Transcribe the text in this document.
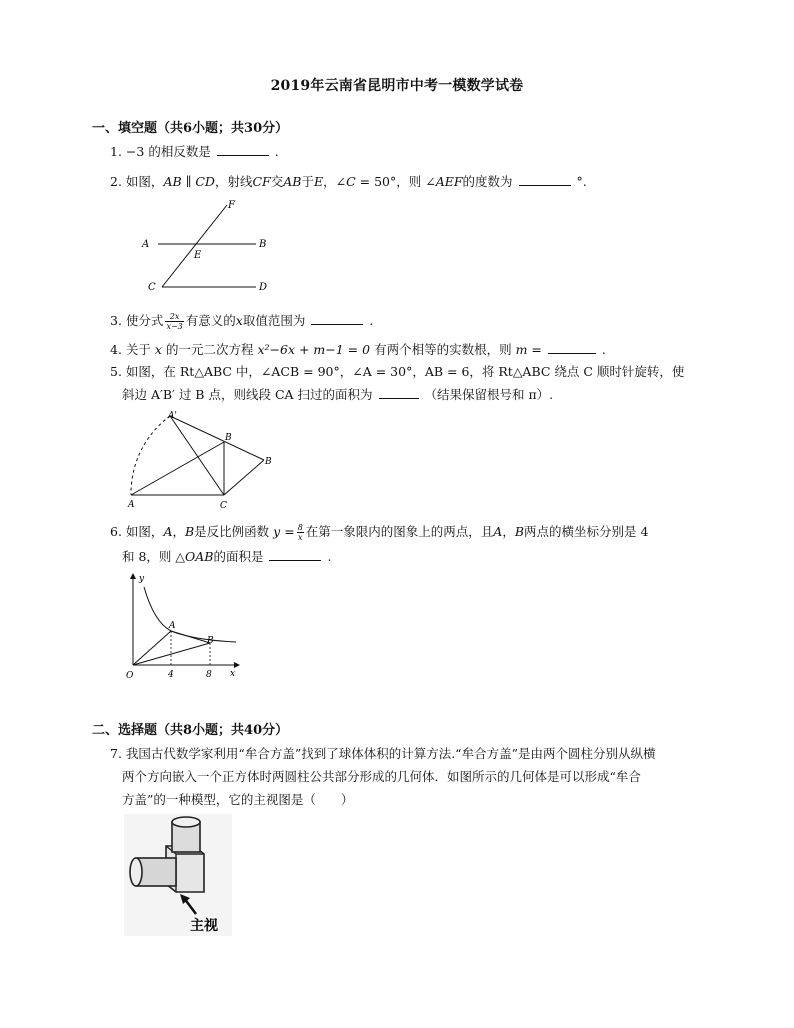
2019年云南省昆明市中考一模数学试卷
一、填空题（共6小题；共30分）
1. −3 的相反数是	.
2. 如图，AB ∥ CD，射线CF交AB于E，∠C = 50°，则 ∠AEF的度数为	°.
F
A
E
B
C	D
3. 使分式 $\frac{2x}{x-3}$ 有意义的x取值范围为	.
4. 关于 x 的一元二次方程 x²−6x + m−1 = 0 有两个相等的实数根，则 m =	.
5. 如图，在 Rt△ABC 中，∠ACB = 90°，∠A = 30°，AB = 6，将 Rt△ABC 绕点 C 顺时针旋转，使
斜边 A′B′ 过 B 点，则线段 CA 扫过的面积为	（结果保留根号和 π）.
A'
B
B
A	C
6. 如图，A，B是反比例函数 $y = \frac{8}{x}$ 在第一象限内的图象上的两点，且A，B两点的横坐标分别是 4
和 8，则 △OAB的面积是	.
y
A
B
O	4	8 x
二、选择题（共8小题；共40分）
7. 我国古代数学家利用“牟合方盖”找到了球体体积的计算方法.“牟合方盖”是由两个圆柱分别从纵横
两个方向嵌入一个正方体时两圆柱公共部分形成的几何体．如图所示的几何体是可以形成“牟合
方盖”的一种模型，它的主视图是（　　）
主视
